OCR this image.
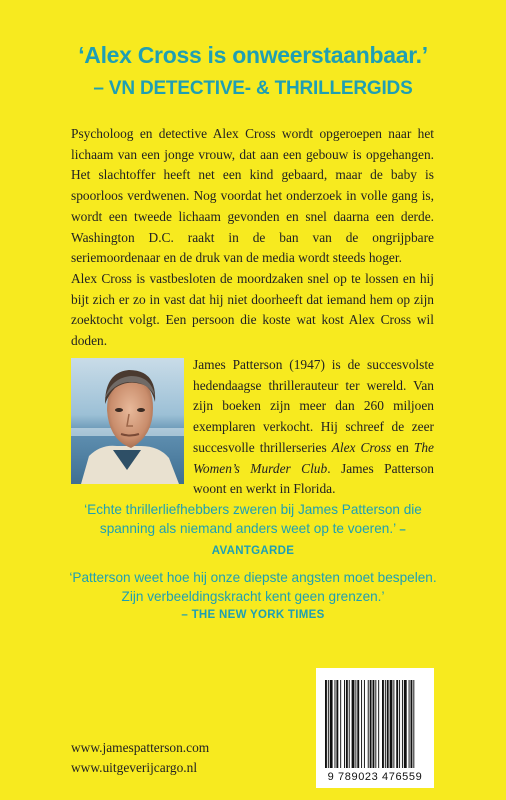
‘Alex Cross is onweerstaanbaar.’
– VN DETECTIVE- & THRILLERGIDS

Psycholoog en detective Alex Cross wordt opgeroepen naar het lichaam van een jonge vrouw, dat aan een gebouw is opgehangen. Het slachtoffer heeft net een kind gebaard, maar de baby is spoorloos verdwenen. Nog voordat het onderzoek in volle gang is, wordt een tweede lichaam gevonden en snel daarna een derde. Washington D.C. raakt in de ban van de ongrijpbare seriemoordenaar en de druk van de media wordt steeds hoger.

Alex Cross is vastbesloten de moordzaken snel op te lossen en hij bijt zich er zo in vast dat hij niet doorheeft dat iemand hem op zijn zoektocht volgt. Een persoon die koste wat kost Alex Cross wil doden.

James Patterson (1947) is de succesvolste hedendaagse thrillerauteur ter wereld. Van zijn boeken zijn meer dan 260 miljoen exemplaren verkocht. Hij schreef de zeer succesvolle thrillerseries Alex Cross en The Women’s Murder Club. James Patterson woont en werkt in Florida.
‘Echte thrillerliefhebbers zweren bij James Patterson die spanning als niemand anders weet op te voeren.’ – AVANTGARDE
‘Patterson weet hoe hij onze diepste angsten moet bespelen. Zijn verbeeldingskracht kent geen grenzen.’
– THE NEW YORK TIMES
www.jamespatterson.com
www.uitgeverijcargo.nl
9 789023 476559
